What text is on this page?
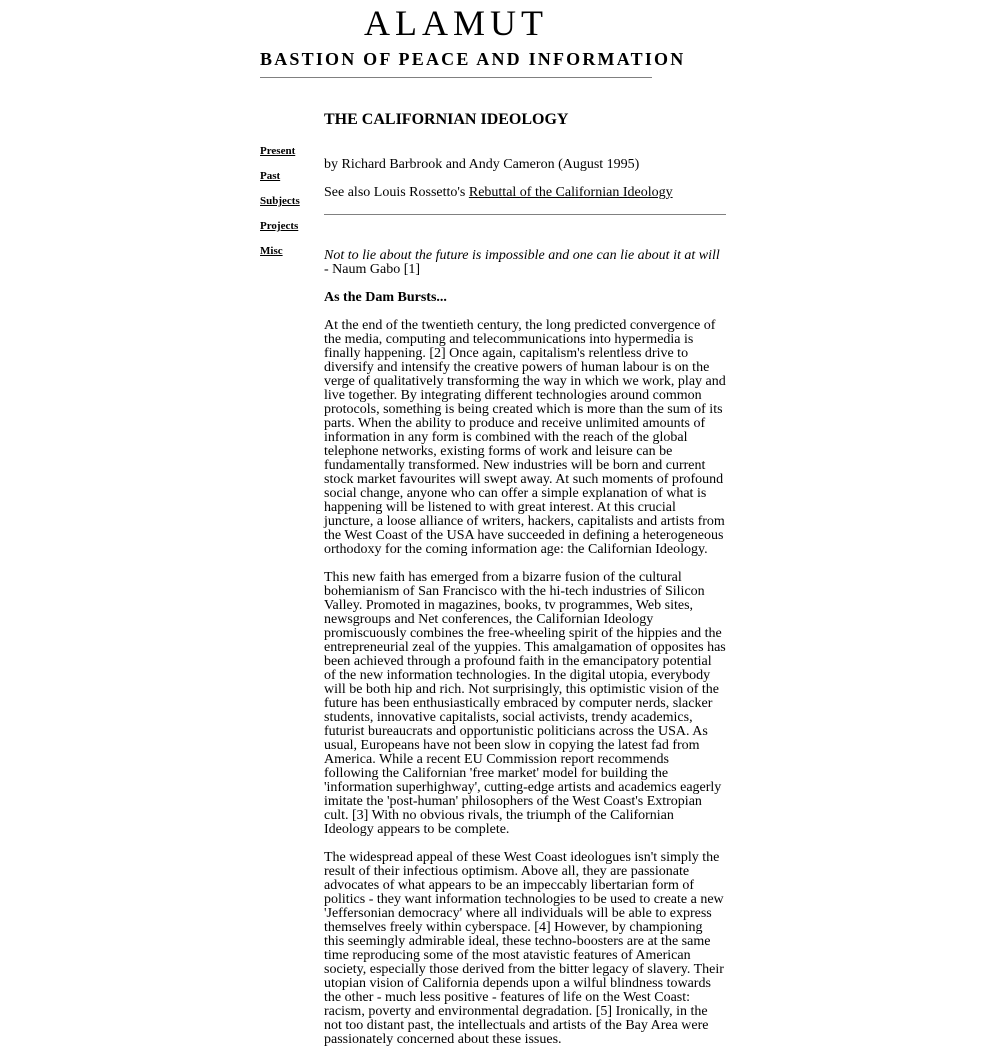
ALAMUT
BASTION OF PEACE AND INFORMATION
Present
Past
Subjects
Projects
Misc
THE CALIFORNIAN IDEOLOGY

by Richard Barbrook and Andy Cameron (August 1995)

See also Louis Rossetto's Rebuttal of the Californian Ideology

Not to lie about the future is impossible and one can lie about it at will - Naum Gabo [1]

As the Dam Bursts...

At the end of the twentieth century, the long predicted convergence of the media, computing and telecommunications into hypermedia is finally happening. [2] Once again, capitalism's relentless drive to diversify and intensify the creative powers of human labour is on the verge of qualitatively transforming the way in which we work, play and live together. By integrating different technologies around common protocols, something is being created which is more than the sum of its parts. When the ability to produce and receive unlimited amounts of information in any form is combined with the reach of the global telephone networks, existing forms of work and leisure can be fundamentally transformed. New industries will be born and current stock market favourites will swept away. At such moments of profound social change, anyone who can offer a simple explanation of what is happening will be listened to with great interest. At this crucial juncture, a loose alliance of writers, hackers, capitalists and artists from the West Coast of the USA have succeeded in defining a heterogeneous orthodoxy for the coming information age: the Californian Ideology.

This new faith has emerged from a bizarre fusion of the cultural bohemianism of San Francisco with the hi-tech industries of Silicon Valley. Promoted in magazines, books, tv programmes, Web sites, newsgroups and Net conferences, the Californian Ideology promiscuously combines the free-wheeling spirit of the hippies and the entrepreneurial zeal of the yuppies. This amalgamation of opposites has been achieved through a profound faith in the emancipatory potential of the new information technologies. In the digital utopia, everybody will be both hip and rich. Not surprisingly, this optimistic vision of the future has been enthusiastically embraced by computer nerds, slacker students, innovative capitalists, social activists, trendy academics, futurist bureaucrats and opportunistic politicians across the USA. As usual, Europeans have not been slow in copying the latest fad from America. While a recent EU Commission report recommends following the Californian 'free market' model for building the 'information superhighway', cutting-edge artists and academics eagerly imitate the 'post-human' philosophers of the West Coast's Extropian cult. [3] With no obvious rivals, the triumph of the Californian Ideology appears to be complete.

The widespread appeal of these West Coast ideologues isn't simply the result of their infectious optimism. Above all, they are passionate advocates of what appears to be an impeccably libertarian form of politics - they want information technologies to be used to create a new 'Jeffersonian democracy' where all individuals will be able to express themselves freely within cyberspace. [4] However, by championing this seemingly admirable ideal, these techno-boosters are at the same time reproducing some of the most atavistic features of American society, especially those derived from the bitter legacy of slavery. Their utopian vision of California depends upon a wilful blindness towards the other - much less positive - features of life on the West Coast: racism, poverty and environmental degradation. [5] Ironically, in the not too distant past, the intellectuals and artists of the Bay Area were passionately concerned about these issues.
